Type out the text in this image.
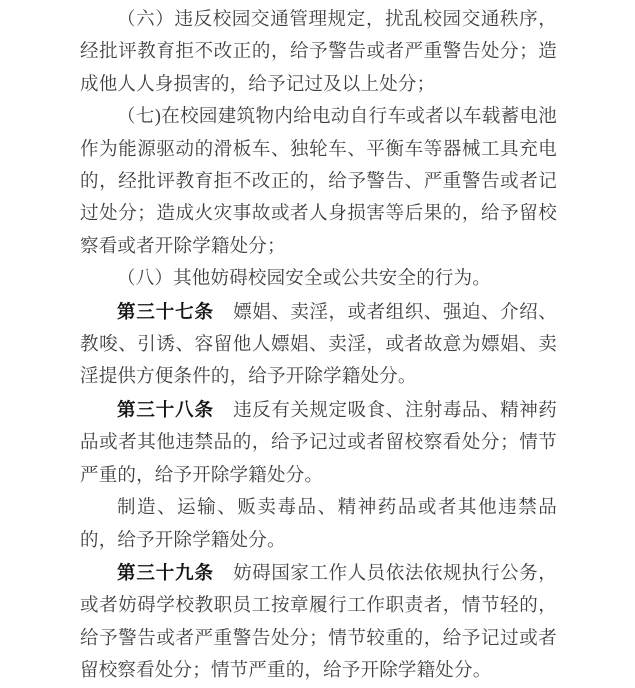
（六）违反校园交通管理规定，扰乱校园交通秩序，经批评教育拒不改正的，给予警告或者严重警告处分；造成他人人身损害的，给予记过及以上处分；

（七)在校园建筑物内给电动自行车或者以车载蓄电池作为能源驱动的滑板车、独轮车、平衡车等器械工具充电的，经批评教育拒不改正的，给予警告、严重警告或者记过处分；造成火灾事故或者人身损害等后果的，给予留校察看或者开除学籍处分；

（八）其他妨碍校园安全或公共安全的行为。

第三十七条 嫖娼、卖淫，或者组织、强迫、介绍、教唆、引诱、容留他人嫖娼、卖淫，或者故意为嫖娼、卖淫提供方便条件的，给予开除学籍处分。

第三十八条 违反有关规定吸食、注射毒品、精神药品或者其他违禁品的，给予记过或者留校察看处分；情节严重的，给予开除学籍处分。

制造、运输、贩卖毒品、精神药品或者其他违禁品的，给予开除学籍处分。

第三十九条 妨碍国家工作人员依法依规执行公务，或者妨碍学校教职员工按章履行工作职责者，情节轻的，给予警告或者严重警告处分；情节较重的，给予记过或者留校察看处分；情节严重的，给予开除学籍处分。
